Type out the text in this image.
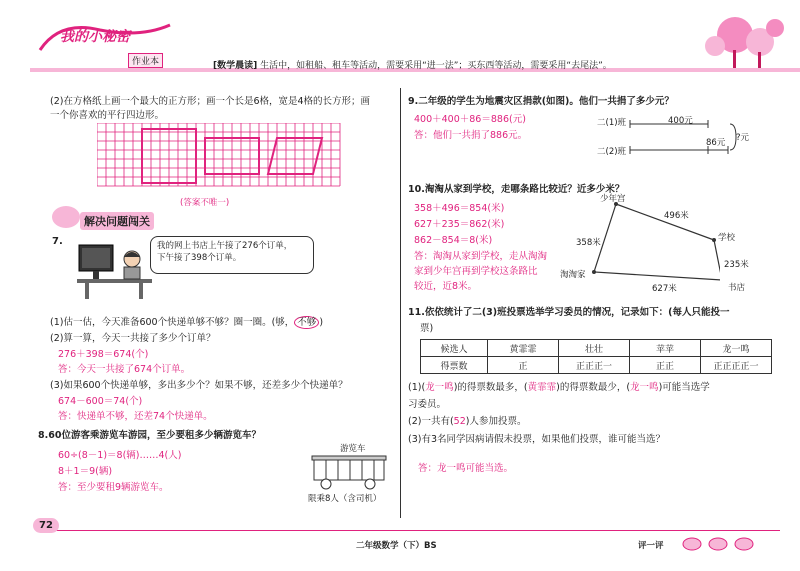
我的小秘密
作业本	[数学晨读] 生活中，如租船、租车等活动，需要采用“进一法”；买东西等活动，需要采用“去尾法”。
(2)在方格纸上画一个最大的正方形；画一个长是6格，宽是4格的长方形；画
一个你喜欢的平行四边形。
(答案不唯一)
解决问题闯关
7.	我的网上书店上午接了276个订单，
下午接了398个订单。
(1)估一估，今天准备600个快递单够不够？圈一圈。(够， 不够 )
(2)算一算，今天一共接了多少个订单？
276＋398＝674(个)
答：今天一共接了674个订单。
(3)如果600个快递单够，多出多少个？如果不够，还差多少个快递单？
674－600＝74(个)
答：快递单不够，还差74个快递单。
8.60位游客乘游览车游园，至少要租多少辆游览车？
60÷(8－1)＝8(辆)……4(人)
8＋1＝9(辆)
答：至少要租9辆游览车。
游览车
限乘8人（含司机）
9.二年级的学生为地震灾区捐款(如图)。他们一共捐了多少元？
400＋400＋86＝886(元)
答：他们一共捐了886元。
二(1)班
二(2)班
400元
86元 ?元
10.淘淘从家到学校，走哪条路比较近？近多少米？
358＋496＝854(米)
627＋235＝862(米)
862－854＝8(米)
答：淘淘从家到学校，走从淘淘
家到少年宫再到学校这条路比
较近，近8米。
少年宫
学校
淘淘家
书店
496米
358米
235米
627米
11.依依统计了二(3)班投票选举学习委员的情况，记录如下：(每人只能投一
票)
候选人	黄霏霏	壮壮	苹苹	龙一鸣
得票数	正	正正正一	正正	正正正正一
(1)(龙一鸣)的得票数最多，(黄霏霏)的得票数最少，(龙一鸣)可能当选学
习委员。
(2)一共有(52)人参加投票。
(3)有3名同学因病请假未投票，如果他们投票，谁可能当选？
答：龙一鸣可能当选。
72
二年级数学（下）BS	评一评
